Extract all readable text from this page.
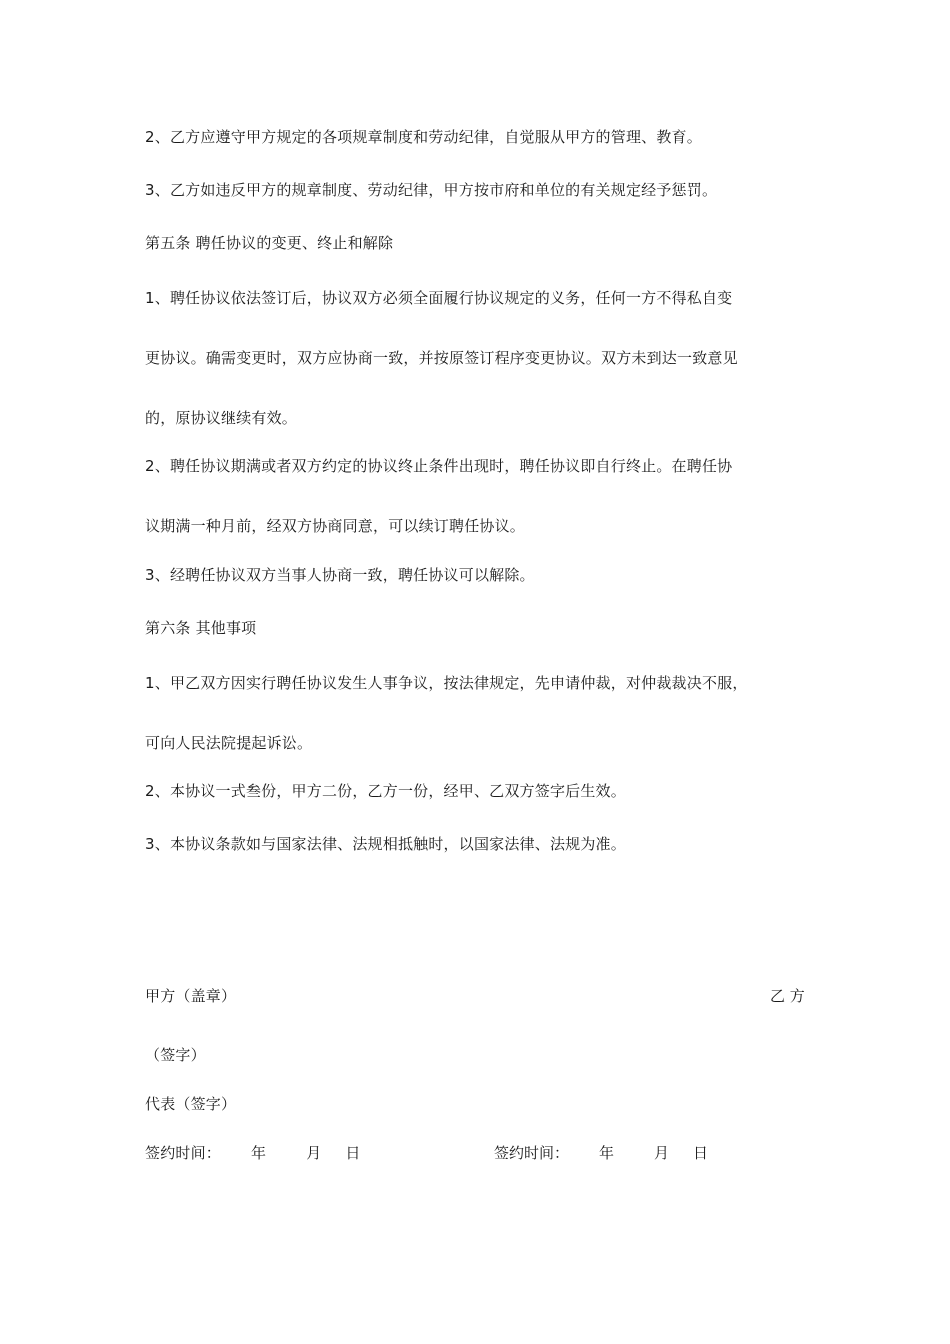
2、乙方应遵守甲方规定的各项规章制度和劳动纪律，自觉服从甲方的管理、教育。
3、乙方如违反甲方的规章制度、劳动纪律，甲方按市府和单位的有关规定经予惩罚。
第五条 聘任协议的变更、终止和解除
1、聘任协议依法签订后，协议双方必须全面履行协议规定的义务，任何一方不得私自变
更协议。确需变更时，双方应协商一致，并按原签订程序变更协议。双方未到达一致意见
的，原协议继续有效。
2、聘任协议期满或者双方约定的协议终止条件出现时，聘任协议即自行终止。在聘任协
议期满一种月前，经双方协商同意，可以续订聘任协议。
3、经聘任协议双方当事人协商一致，聘任协议可以解除。
第六条 其他事项
1、甲乙双方因实行聘任协议发生人事争议，按法律规定，先申请仲裁，对仲裁裁决不服，
可向人民法院提起诉讼。
2、本协议一式叁份，甲方二份，乙方一份，经甲、乙双方签字后生效。
3、本协议条款如与国家法律、法规相抵触时，以国家法律、法规为准。
甲方（盖章）	乙 方
（签字）
代表（签字）
签约时间： 年	月 日	签约时间： 年	月 日
